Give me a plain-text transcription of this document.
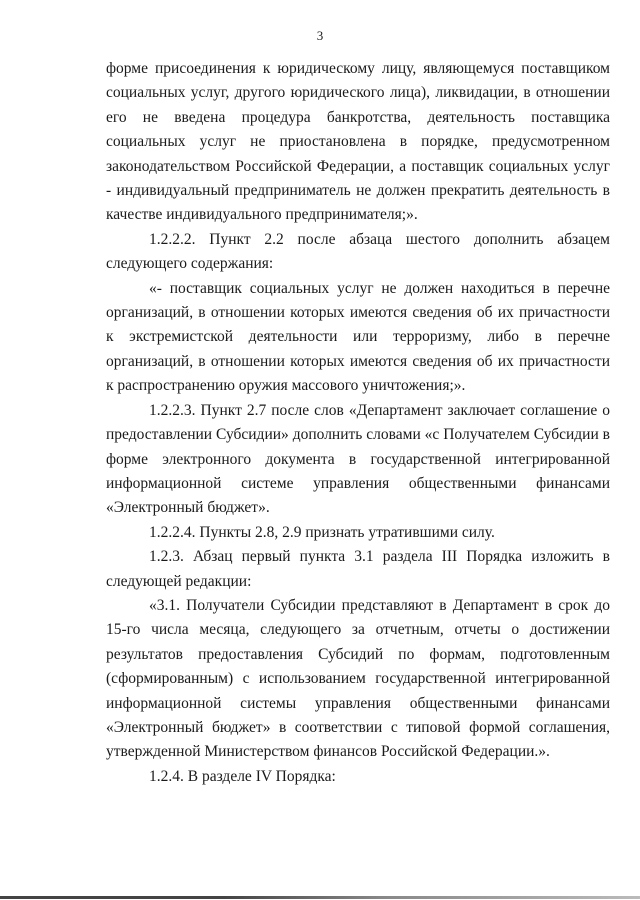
3

форме присоединения к юридическому лицу, являющемуся поставщиком социальных услуг, другого юридического лица), ликвидации, в отношении его не введена процедура банкротства, деятельность поставщика социальных услуг не приостановлена в порядке, предусмотренном законодательством Российской Федерации, а поставщик социальных услуг - индивидуальный предприниматель не должен прекратить деятельность в качестве индивидуального предпринимателя;».

1.2.2.2. Пункт 2.2 после абзаца шестого дополнить абзацем следующего содержания:

«- поставщик социальных услуг не должен находиться в перечне организаций, в отношении которых имеются сведения об их причастности к экстремистской деятельности или терроризму, либо в перечне организаций, в отношении которых имеются сведения об их причастности к распространению оружия массового уничтожения;».

1.2.2.3. Пункт 2.7 после слов «Департамент заключает соглашение о предоставлении Субсидии» дополнить словами «с Получателем Субсидии в форме электронного документа в государственной интегрированной информационной системе управления общественными финансами «Электронный бюджет».

1.2.2.4. Пункты 2.8, 2.9 признать утратившими силу.

1.2.3. Абзац первый пункта 3.1 раздела III Порядка изложить в следующей редакции:

«3.1. Получатели Субсидии представляют в Департамент в срок до 15-го числа месяца, следующего за отчетным, отчеты о достижении результатов предоставления Субсидий по формам, подготовленным (сформированным) с использованием государственной интегрированной информационной системы управления общественными финансами «Электронный бюджет» в соответствии с типовой формой соглашения, утвержденной Министерством финансов Российской Федерации.».

1.2.4. В разделе IV Порядка:
